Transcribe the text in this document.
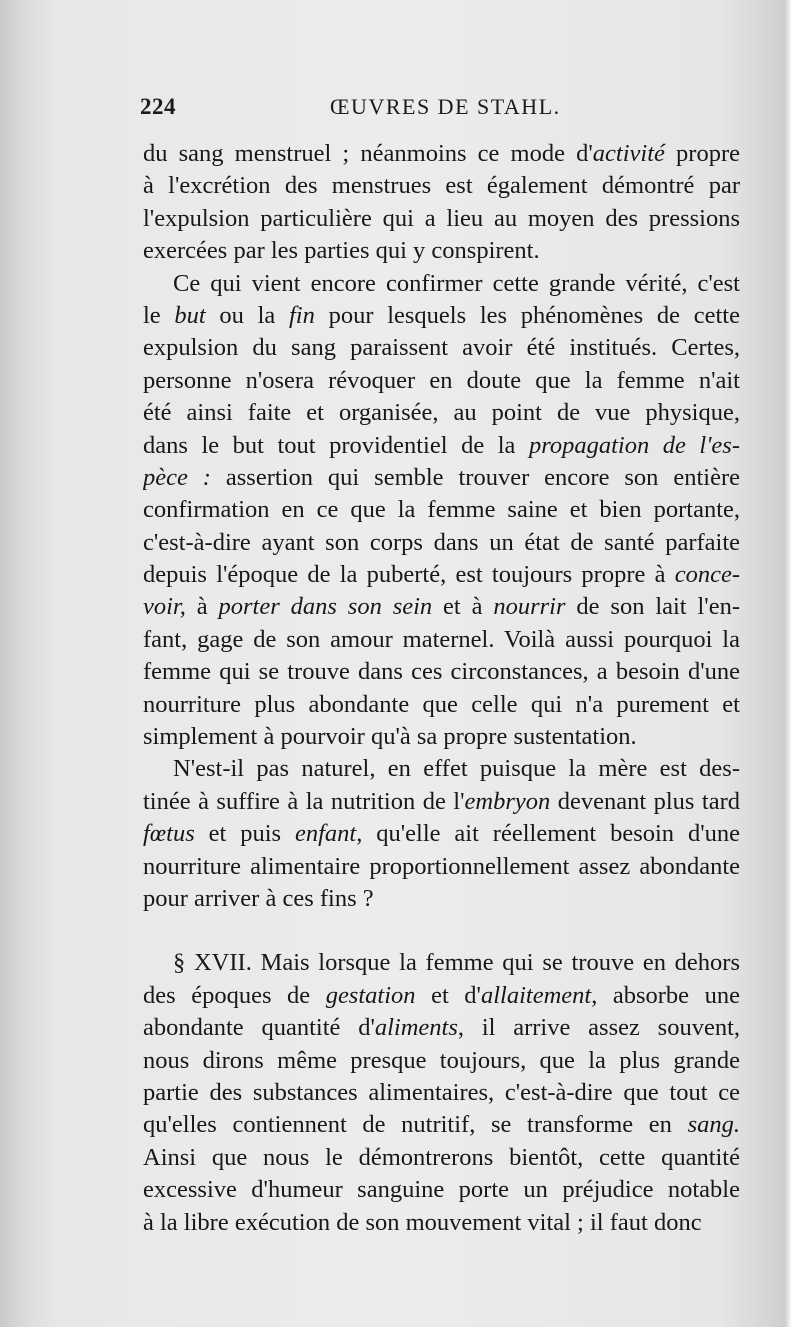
224	ŒUVRES DE STAHL.
du sang menstruel ; néanmoins ce mode d'activité propre
à l'excrétion des menstrues est également démontré par
l'expulsion particulière qui a lieu au moyen des pressions
exercées par les parties qui y conspirent.
Ce qui vient encore confirmer cette grande vérité, c'est
le but ou la fin pour lesquels les phénomènes de cette
expulsion du sang paraissent avoir été institués. Certes,
personne n'osera révoquer en doute que la femme n'ait
été ainsi faite et organisée, au point de vue physique,
dans le but tout providentiel de la propagation de l'es-
pèce : assertion qui semble trouver encore son entière
confirmation en ce que la femme saine et bien portante,
c'est-à-dire ayant son corps dans un état de santé parfaite
depuis l'époque de la puberté, est toujours propre à conce-
voir, à porter dans son sein et à nourrir de son lait l'en-
fant, gage de son amour maternel. Voilà aussi pourquoi la
femme qui se trouve dans ces circonstances, a besoin d'une
nourriture plus abondante que celle qui n'a purement et
simplement à pourvoir qu'à sa propre sustentation.
N'est-il pas naturel, en effet puisque la mère est des-
tinée à suffire à la nutrition de l'embryon devenant plus tard
fœtus et puis enfant, qu'elle ait réellement besoin d'une
nourriture alimentaire proportionnellement assez abondante
pour arriver à ces fins ?
§ XVII. Mais lorsque la femme qui se trouve en dehors
des époques de gestation et d'allaitement, absorbe une
abondante quantité d'aliments, il arrive assez souvent,
nous dirons même presque toujours, que la plus grande
partie des substances alimentaires, c'est-à-dire que tout ce
qu'elles contiennent de nutritif, se transforme en sang.
Ainsi que nous le démontrerons bientôt, cette quantité
excessive d'humeur sanguine porte un préjudice notable
à la libre exécution de son mouvement vital ; il faut donc
